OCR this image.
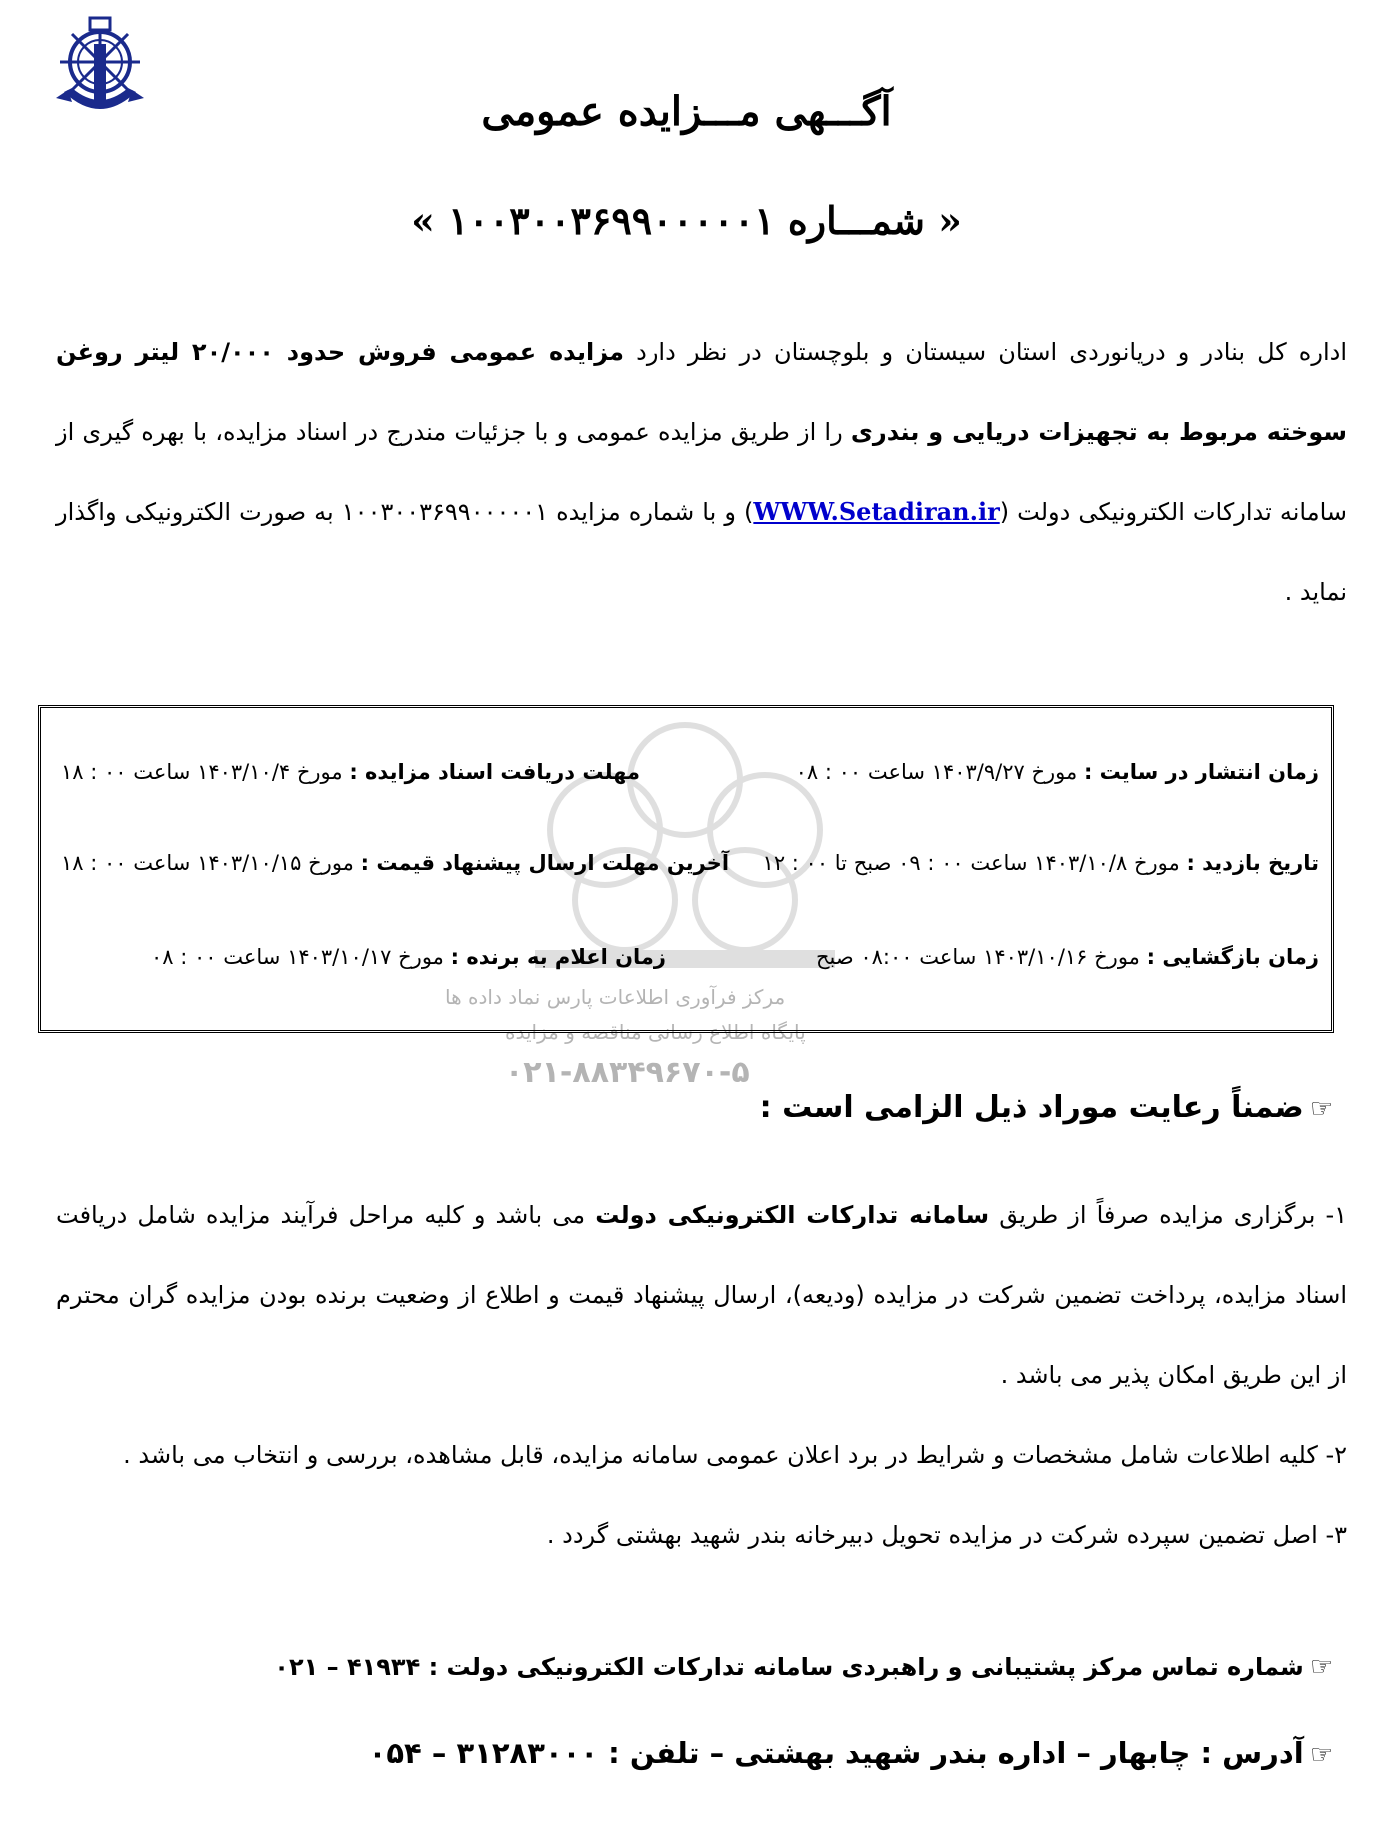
آگـــهی مـــزایده عمومی
« شمـــاره ۱۰۰۳۰۰۳۶۹۹۰۰۰۰۰۱ »
اداره کل بنادر و دریانوردی استان سیستان و بلوچستان در نظر دارد مزایده عمومی فروش حدود ۲۰/۰۰۰ لیتر روغن سوخته مربوط به تجهیزات دریایی و بندری را از طریق مزایده عمومی و با جزئیات مندرج در اسناد مزایده، با بهره گیری از سامانه تدارکات الکترونیکی دولت (WWW.Setadiran.ir) و با شماره مزایده ۱۰۰۳۰۰۳۶۹۹۰۰۰۰۰۱ به صورت الکترونیکی واگذار نماید .
مرکز فرآوری اطلاعات پارس نماد داده ها
پایگاه اطلاع رسانی مناقصه و مزایده
۰۲۱-۸۸۳۴۹۶۷۰-۵
زمان انتشار در سایت : مورخ ۱۴۰۳/۹/۲۷ ساعت ۰۰ : ۰۸
مهلت دریافت اسناد مزایده : مورخ ۱۴۰۳/۱۰/۴ ساعت ۰۰ : ۱۸
تاریخ بازدید : مورخ ۱۴۰۳/۱۰/۸ ساعت ۰۰ : ۰۹ صبح تا ۰۰ : ۱۲
آخرین مهلت ارسال پیشنهاد قیمت : مورخ ۱۴۰۳/۱۰/۱۵ ساعت ۰۰ : ۱۸
زمان بازگشایی : مورخ ۱۴۰۳/۱۰/۱۶ ساعت ۰۸:۰۰ صبح
زمان اعلام به برنده : مورخ ۱۴۰۳/۱۰/۱۷ ساعت ۰۰ : ۰۸
☜ضمناً رعایت موراد ذیل الزامی است :
۱- برگزاری مزایده صرفاً از طریق سامانه تدارکات الکترونیکی دولت می باشد و کلیه مراحل فرآیند مزایده شامل دریافت اسناد مزایده، پرداخت تضمین شرکت در مزایده (ودیعه)، ارسال پیشنهاد قیمت و اطلاع از وضعیت برنده بودن مزایده گران محترم از این طریق امکان پذیر می باشد .
۲- کلیه اطلاعات شامل مشخصات و شرایط در برد اعلان عمومی سامانه مزایده، قابل مشاهده، بررسی و انتخاب می باشد .
۳- اصل تضمین سپرده شرکت در مزایده تحویل دبیرخانه بندر شهید بهشتی گردد .
☜شماره تماس مرکز پشتیبانی و راهبردی سامانه تدارکات الکترونیکی دولت : ۴۱۹۳۴ – ۰۲۱
☜آدرس : چابهار – اداره بندر شهید بهشتی – تلفن : ۳۱۲۸۳۰۰۰ – ۰۵۴
